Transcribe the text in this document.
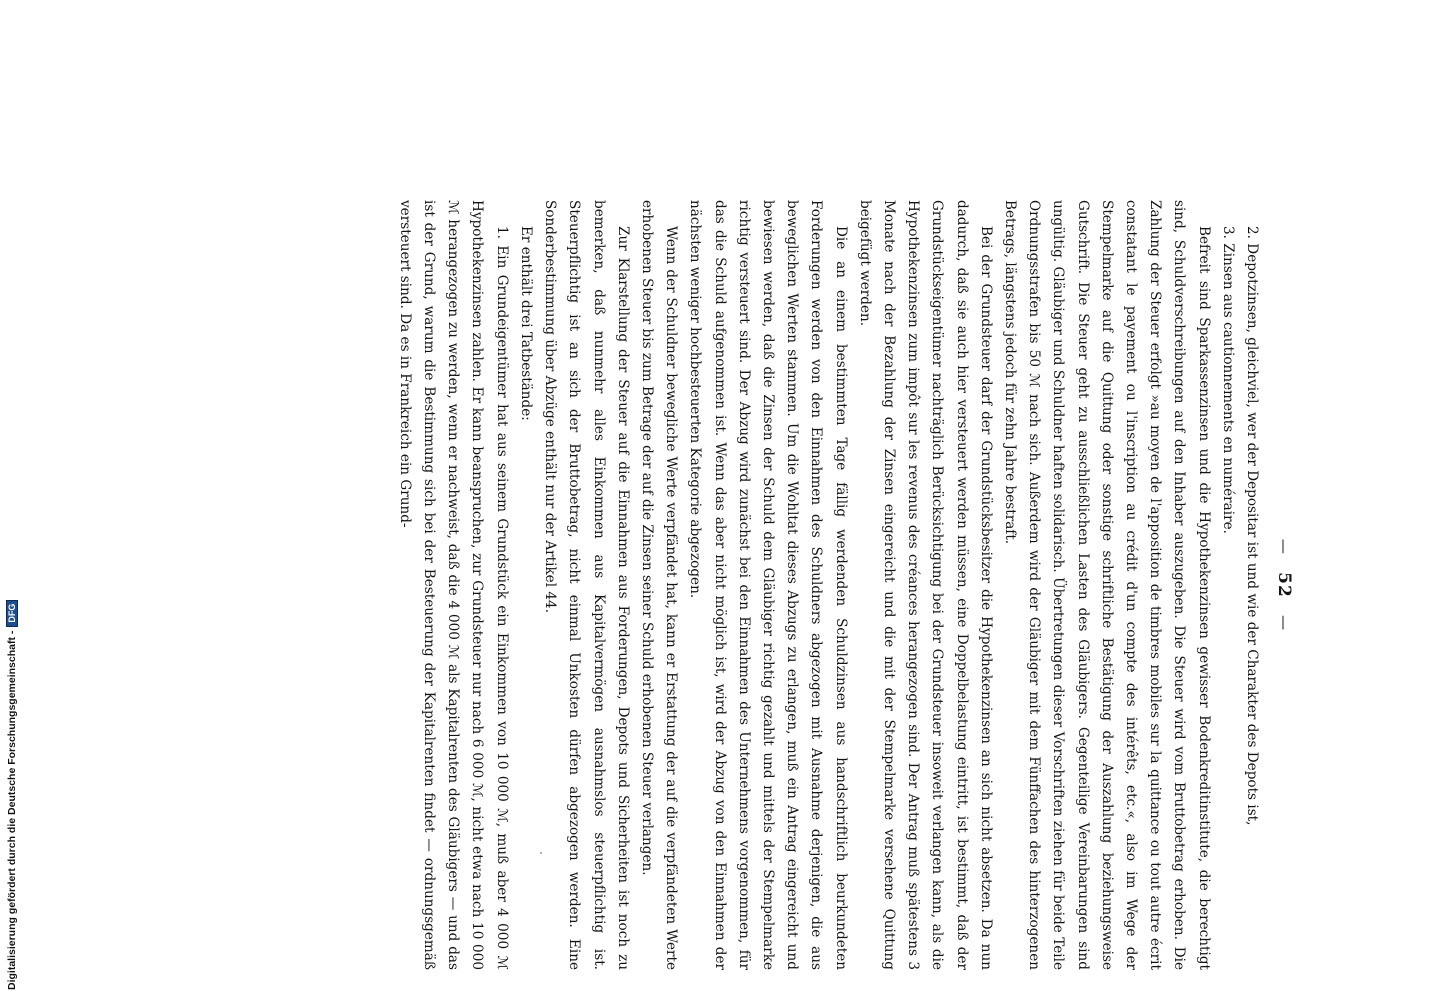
—   52   —

2. Depotzinsen, gleichviel, wer der Depositar ist und wie der Charakter des Depots ist,

3. Zinsen aus cautionnements en numéraire.

Befreit sind Sparkassenzinsen und die Hypothekenzinsen gewisser Bodenkreditinstitute, die berechtigt sind, Schuldverschreibungen auf den Inhaber auszugeben. Die Steuer wird vom Bruttobetrag erhoben. Die Zahlung der Steuer erfolgt »au moyen de l'apposition de timbres mobiles sur la quittance ou tout autre écrit constatant le payement ou l'inscription au crédit d'un compte des intérêts, etc.«, also im Wege der Stempelmarke auf die Quittung oder sonstige schriftliche Bestätigung der Auszahlung beziehungsweise Gutschrift. Die Steuer geht zu ausschließlichen Lasten des Gläubigers. Gegenteilige Vereinbarungen sind ungültig. Gläubiger und Schuldner haften solidarisch. Übertretungen dieser Vorschriften ziehen für beide Teile Ordnungsstrafen bis 50 ℳ nach sich. Außerdem wird der Gläubiger mit dem Fünffachen des hinterzogenen Betrags, längstens jedoch für zehn Jahre bestraft.

Bei der Grundsteuer darf der Grundstücksbesitzer die Hypothekenzinsen an sich nicht absetzen. Da nun dadurch, daß sie auch hier versteuert werden müssen, eine Doppelbelastung eintritt, ist bestimmt, daß der Grundstückseigentümer nachträglich Berücksichtigung bei der Grundsteuer insoweit verlangen kann, als die Hypothekenzinsen zum impôt sur les revenus des créances herangezogen sind. Der Antrag muß spätestens 3 Monate nach der Bezahlung der Zinsen eingereicht und die mit der Stempelmarke versehene Quittung beigefügt werden.

Die an einem bestimmten Tage fällig werdenden Schuldzinsen aus handschriftlich beurkundeten Forderungen werden von den Einnahmen des Schuldners abgezogen mit Ausnahme derjenigen, die aus beweglichen Werten stammen. Um die Wohltat dieses Abzugs zu erlangen, muß ein Antrag eingereicht und bewiesen werden, daß die Zinsen der Schuld dem Gläubiger richtig gezahlt und mittels der Stempelmarke richtig versteuert sind. Der Abzug wird zunächst bei den Einnahmen des Unternehmens vorgenommen, für das die Schuld aufgenommen ist. Wenn das aber nicht möglich ist, wird der Abzug von den Einnahmen der nächsten weniger hochbesteuerten Kategorie abgezogen.

Wenn der Schuldner bewegliche Werte verpfändet hat, kann er Erstattung der auf die verpfändeten Werte erhobenen Steuer bis zum Betrage der auf die Zinsen seiner Schuld erhobenen Steuer verlangen.

Zur Klarstellung der Steuer auf die Einnahmen aus Forderungen, Depots und Sicherheiten ist noch zu bemerken, daß nunmehr alles Einkommen aus Kapitalvermögen ausnahmslos steuerpflichtig ist. Steuerpflichtig ist an sich der Bruttobetrag, nicht einmal Unkosten dürfen abgezogen werden. Eine Sonderbestimmung über Abzüge enthält nur der Artikel 44.

Er enthält drei Tatbestände:

1. Ein Grundeigentümer hat aus seinem Grundstück ein Einkommen von 10 000 ℳ, muß aber 4 000 ℳ Hypothekenzinsen zahlen. Er kann beanspruchen, zur Grundsteuer nur nach 6 000 ℳ, nicht etwa nach 10 000 ℳ herangezogen zu werden, wenn er nachweist, daß die 4 000 ℳ als Kapitalrenten des Gläubigers — und das ist der Grund, warum die Bestimmung sich bei der Besteuerung der Kapitalrenten findet — ordnungsgemäß versteuert sind. Da es in Frankreich ein Grund-

Digitalisierung gefördert durch die Deutsche Forschungsgemeinschaft -DFG
